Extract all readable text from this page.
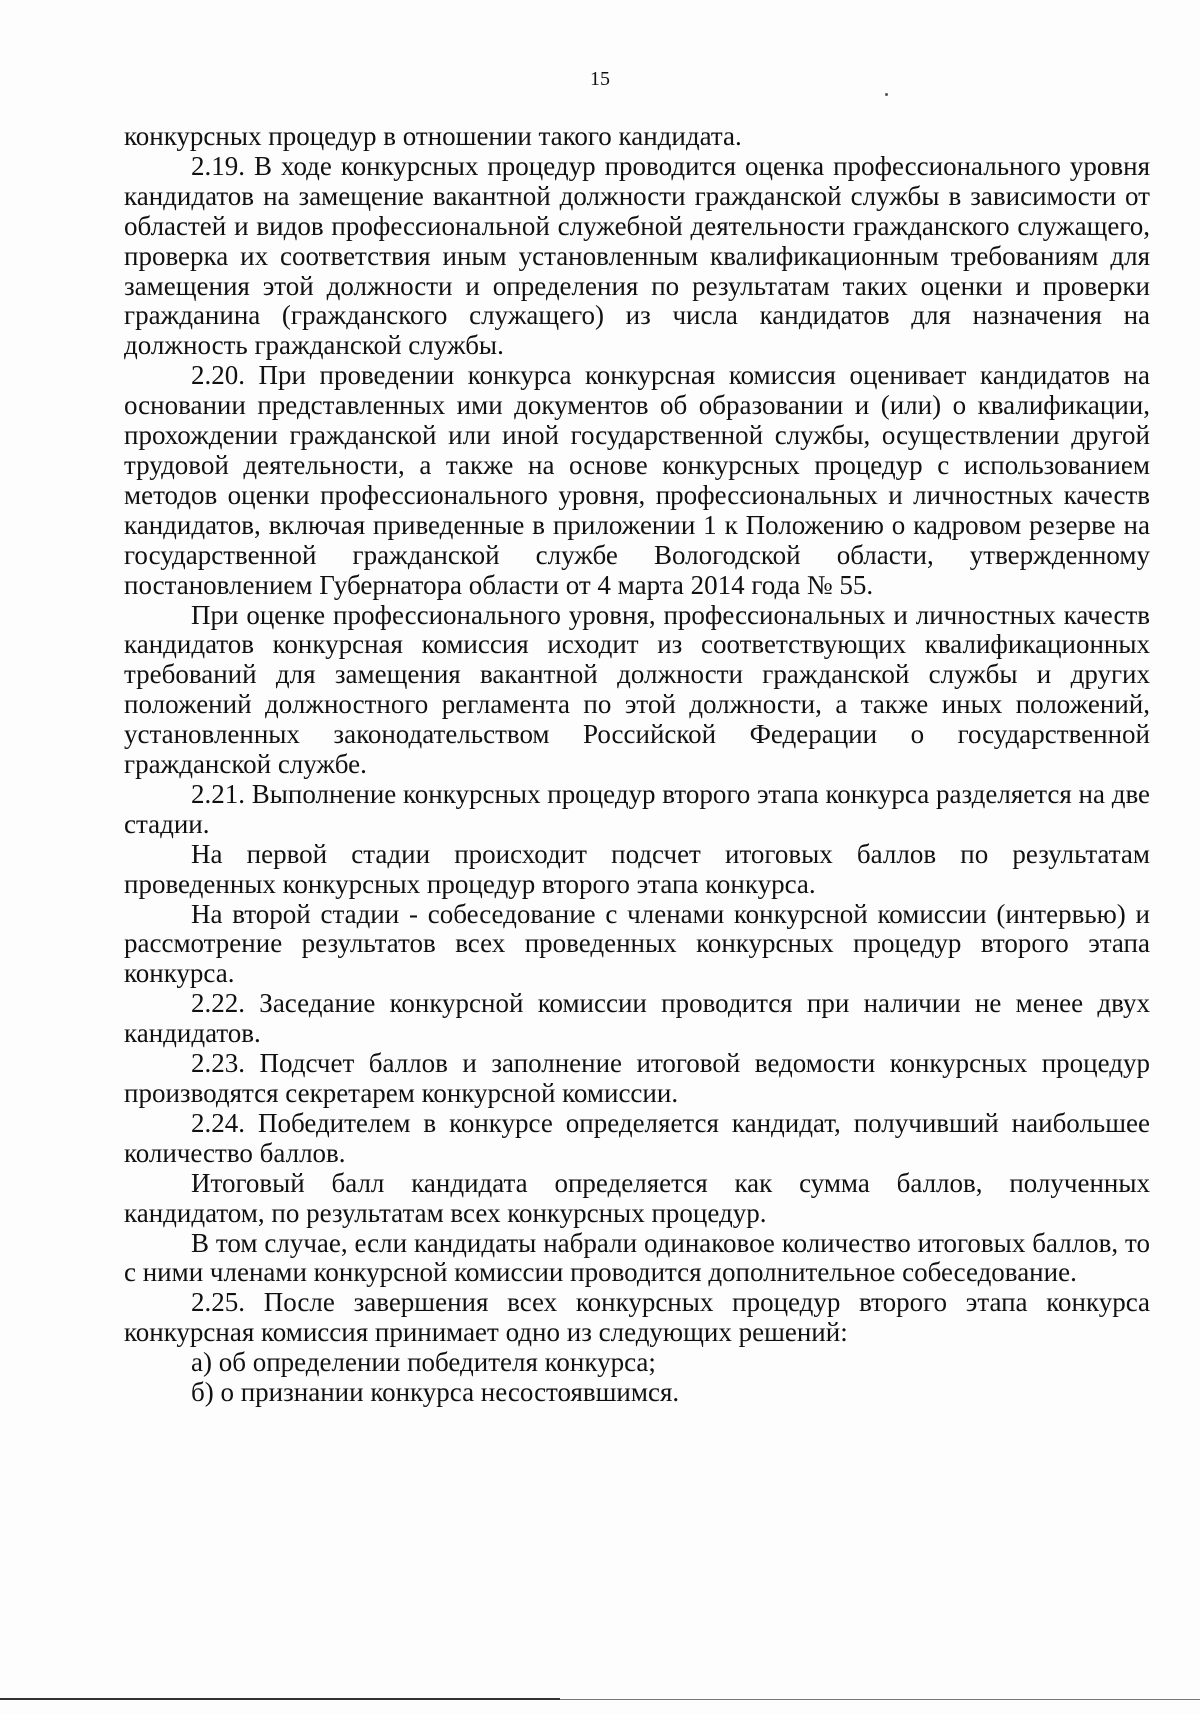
15

конкурсных процедур в отношении такого кандидата.

2.19. В ходе конкурсных процедур проводится оценка профессионального уровня кандидатов на замещение вакантной должности гражданской службы в зависимости от областей и видов профессиональной служебной деятельности гражданского служащего, проверка их соответствия иным установленным квалификационным требованиям для замещения этой должности и определения по результатам таких оценки и проверки гражданина (гражданского служащего) из числа кандидатов для назначения на должность гражданской службы.

2.20. При проведении конкурса конкурсная комиссия оценивает кандидатов на основании представленных ими документов об образовании и (или) о квалификации, прохождении гражданской или иной государственной службы, осуществлении другой трудовой деятельности, а также на основе конкурсных процедур с использованием методов оценки профессионального уровня, профессиональных и личностных качеств кандидатов, включая приведенные в приложении 1 к Положению о кадровом резерве на государственной гражданской службе Вологодской области, утвержденному постановлением Губернатора области от 4 марта 2014 года № 55.

При оценке профессионального уровня, профессиональных и личностных качеств кандидатов конкурсная комиссия исходит из соответствующих квалификационных требований для замещения вакантной должности гражданской службы и других положений должностного регламента по этой должности, а также иных положений, установленных законодательством Российской Федерации о государственной гражданской службе.

2.21. Выполнение конкурсных процедур второго этапа конкурса разделяется на две стадии.

На первой стадии происходит подсчет итоговых баллов по результатам проведенных конкурсных процедур второго этапа конкурса.

На второй стадии - собеседование с членами конкурсной комиссии (интервью) и рассмотрение результатов всех проведенных конкурсных процедур второго этапа конкурса.

2.22. Заседание конкурсной комиссии проводится при наличии не менее двух кандидатов.

2.23. Подсчет баллов и заполнение итоговой ведомости конкурсных процедур производятся секретарем конкурсной комиссии.

2.24. Победителем в конкурсе определяется кандидат, получивший наибольшее количество баллов.

Итоговый балл кандидата определяется как сумма баллов, полученных кандидатом, по результатам всех конкурсных процедур.

В том случае, если кандидаты набрали одинаковое количество итоговых баллов, то с ними членами конкурсной комиссии проводится дополнительное собеседование.

2.25. После завершения всех конкурсных процедур второго этапа конкурса конкурсная комиссия принимает одно из следующих решений:

а) об определении победителя конкурса;

б) о признании конкурса несостоявшимся.
